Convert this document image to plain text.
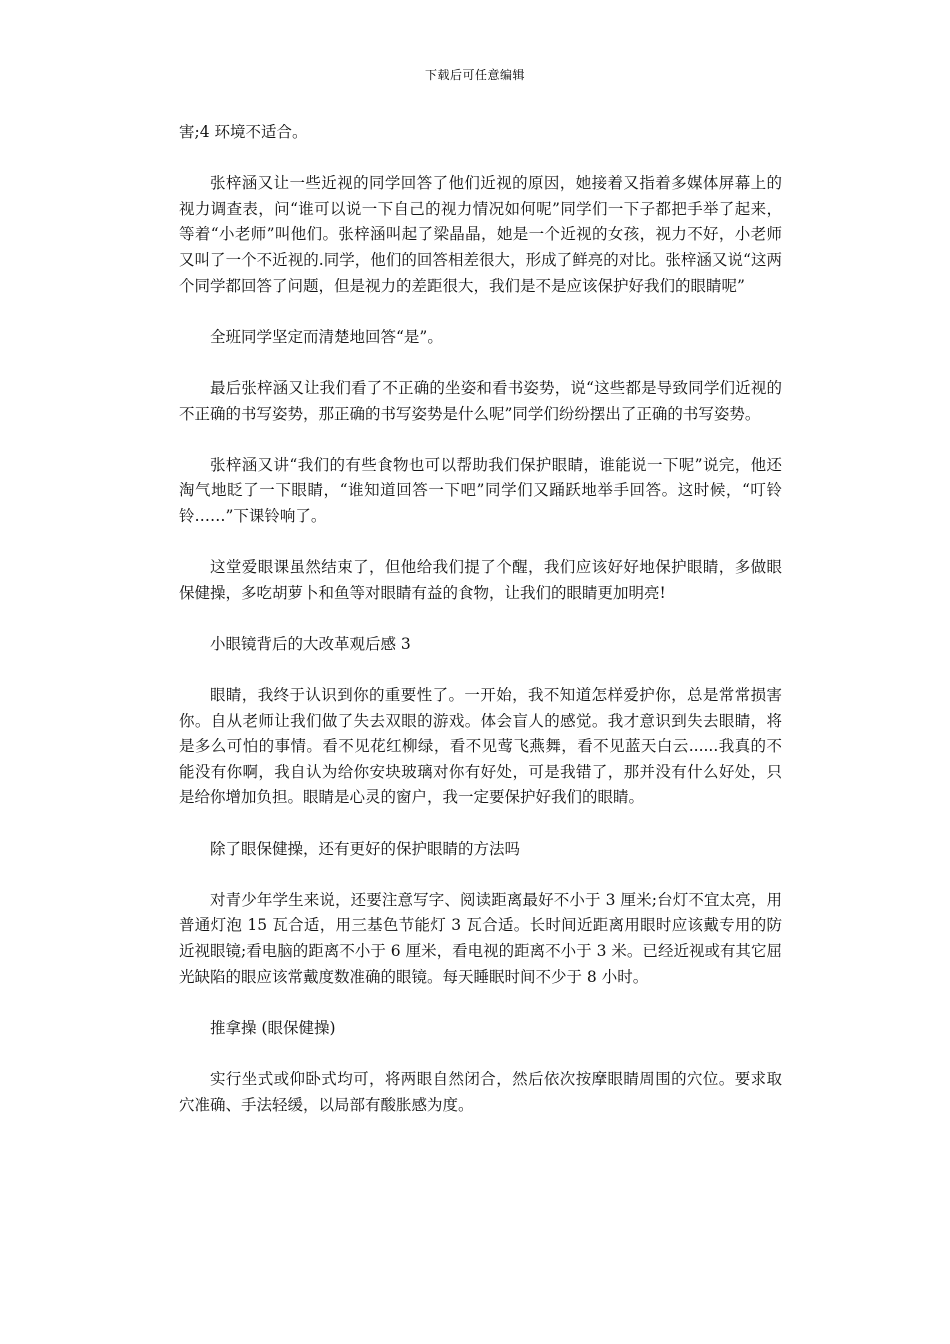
下载后可任意编辑

害;4 环境不适合。

张梓涵又让一些近视的同学回答了他们近视的原因，她接着又指着多媒体屏幕上的视力调查表，问“谁可以说一下自己的视力情况如何呢”同学们一下子都把手举了起来，等着“小老师”叫他们。张梓涵叫起了梁晶晶，她是一个近视的女孩，视力不好，小老师又叫了一个不近视的.同学，他们的回答相差很大，形成了鲜亮的对比。张梓涵又说“这两个同学都回答了问题，但是视力的差距很大，我们是不是应该保护好我们的眼睛呢”

全班同学坚定而清楚地回答“是”。

最后张梓涵又让我们看了不正确的坐姿和看书姿势，说“这些都是导致同学们近视的不正确的书写姿势，那正确的书写姿势是什么呢”同学们纷纷摆出了正确的书写姿势。

张梓涵又讲“我们的有些食物也可以帮助我们保护眼睛，谁能说一下呢”说完，他还淘气地眨了一下眼睛，“谁知道回答一下吧”同学们又踊跃地举手回答。这时候，“叮铃铃……”下课铃响了。

这堂爱眼课虽然结束了，但他给我们提了个醒，我们应该好好地保护眼睛，多做眼保健操，多吃胡萝卜和鱼等对眼睛有益的食物，让我们的眼睛更加明亮!

小眼镜背后的大改革观后感 3

眼睛，我终于认识到你的重要性了。一开始，我不知道怎样爱护你，总是常常损害你。自从老师让我们做了失去双眼的游戏。体会盲人的感觉。我才意识到失去眼睛，将是多么可怕的事情。看不见花红柳绿，看不见莺飞燕舞，看不见蓝天白云......我真的不能没有你啊，我自认为给你安块玻璃对你有好处，可是我错了，那并没有什么好处，只是给你增加负担。眼睛是心灵的窗户，我一定要保护好我们的眼睛。

除了眼保健操，还有更好的保护眼睛的方法吗

对青少年学生来说，还要注意写字、阅读距离最好不小于 3 厘米;台灯不宜太亮，用普通灯泡 15 瓦合适，用三基色节能灯 3 瓦合适。长时间近距离用眼时应该戴专用的防近视眼镜;看电脑的距离不小于 6 厘米，看电视的距离不小于 3 米。已经近视或有其它屈光缺陷的眼应该常戴度数准确的眼镜。每天睡眠时间不少于 8 小时。

推拿操 (眼保健操)

实行坐式或仰卧式均可，将两眼自然闭合，然后依次按摩眼睛周围的穴位。要求取穴准确、手法轻缓，以局部有酸胀感为度。
